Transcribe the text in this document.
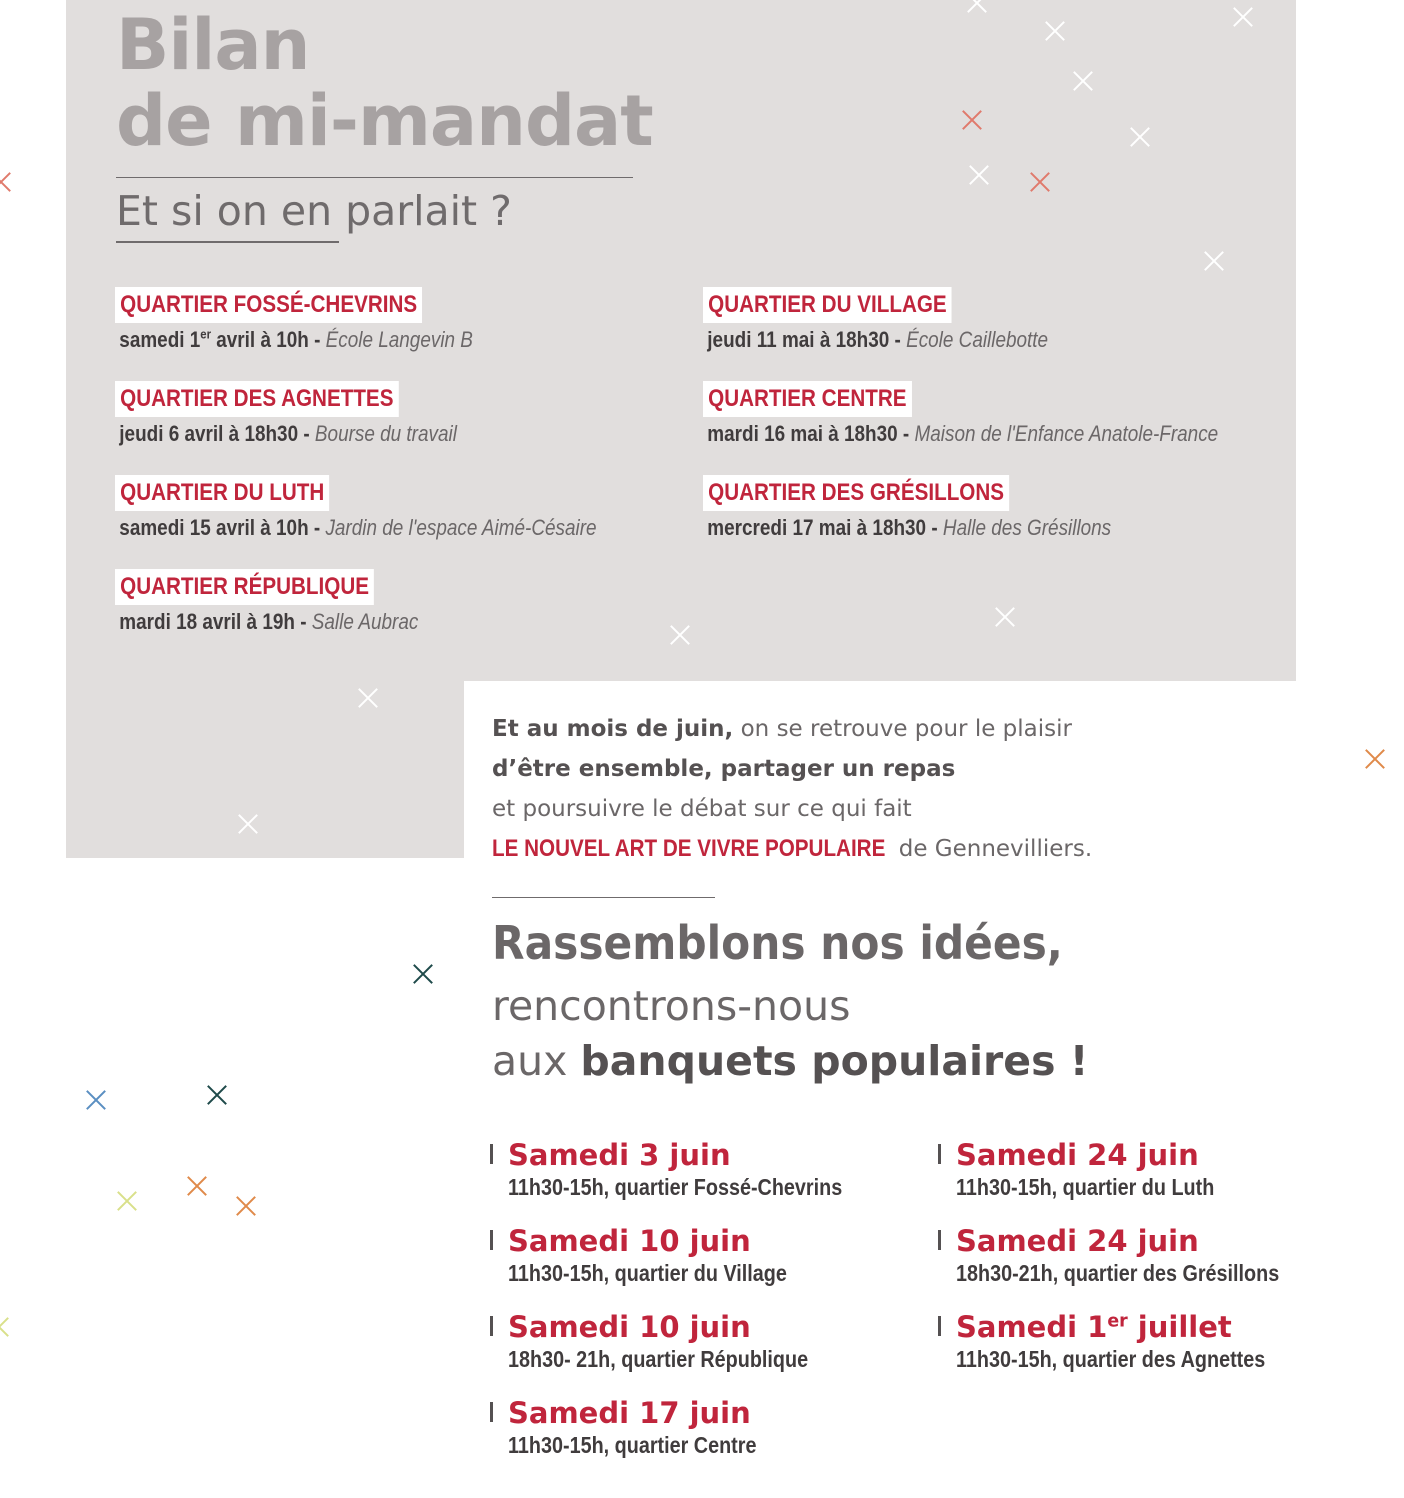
Bilan
de mi-mandat
Et si on en parlait ?
QUARTIER FOSSÉ-CHEVRINS
samedi 1er avril à 10h - École Langevin B
QUARTIER DES AGNETTES
jeudi 6 avril à 18h30 - Bourse du travail
QUARTIER DU LUTH
samedi 15 avril à 10h - Jardin de l'espace Aimé-Césaire
QUARTIER RÉPUBLIQUE
mardi 18 avril à 19h - Salle Aubrac
QUARTIER DU VILLAGE
jeudi 11 mai à 18h30 - École Caillebotte
QUARTIER CENTRE
mardi 16 mai à 18h30 - Maison de l'Enfance Anatole-France
QUARTIER DES GRÉSILLONS
mercredi 17 mai à 18h30 - Halle des Grésillons
Et au mois de juin, on se retrouve pour le plaisir
d’être ensemble, partager un repas
et poursuivre le débat sur ce qui fait
LE NOUVEL ART DE VIVRE POPULAIRE de Gennevilliers.
Rassemblons nos idées,
rencontrons-nous
aux banquets populaires !
Samedi 3 juin
11h30-15h, quartier Fossé-Chevrins
Samedi 10 juin
11h30-15h, quartier du Village
Samedi 10 juin
18h30- 21h, quartier République
Samedi 17 juin
11h30-15h, quartier Centre
Samedi 24 juin
11h30-15h, quartier du Luth
Samedi 24 juin
18h30-21h, quartier des Grésillons
Samedi 1er juillet
11h30-15h, quartier des Agnettes
